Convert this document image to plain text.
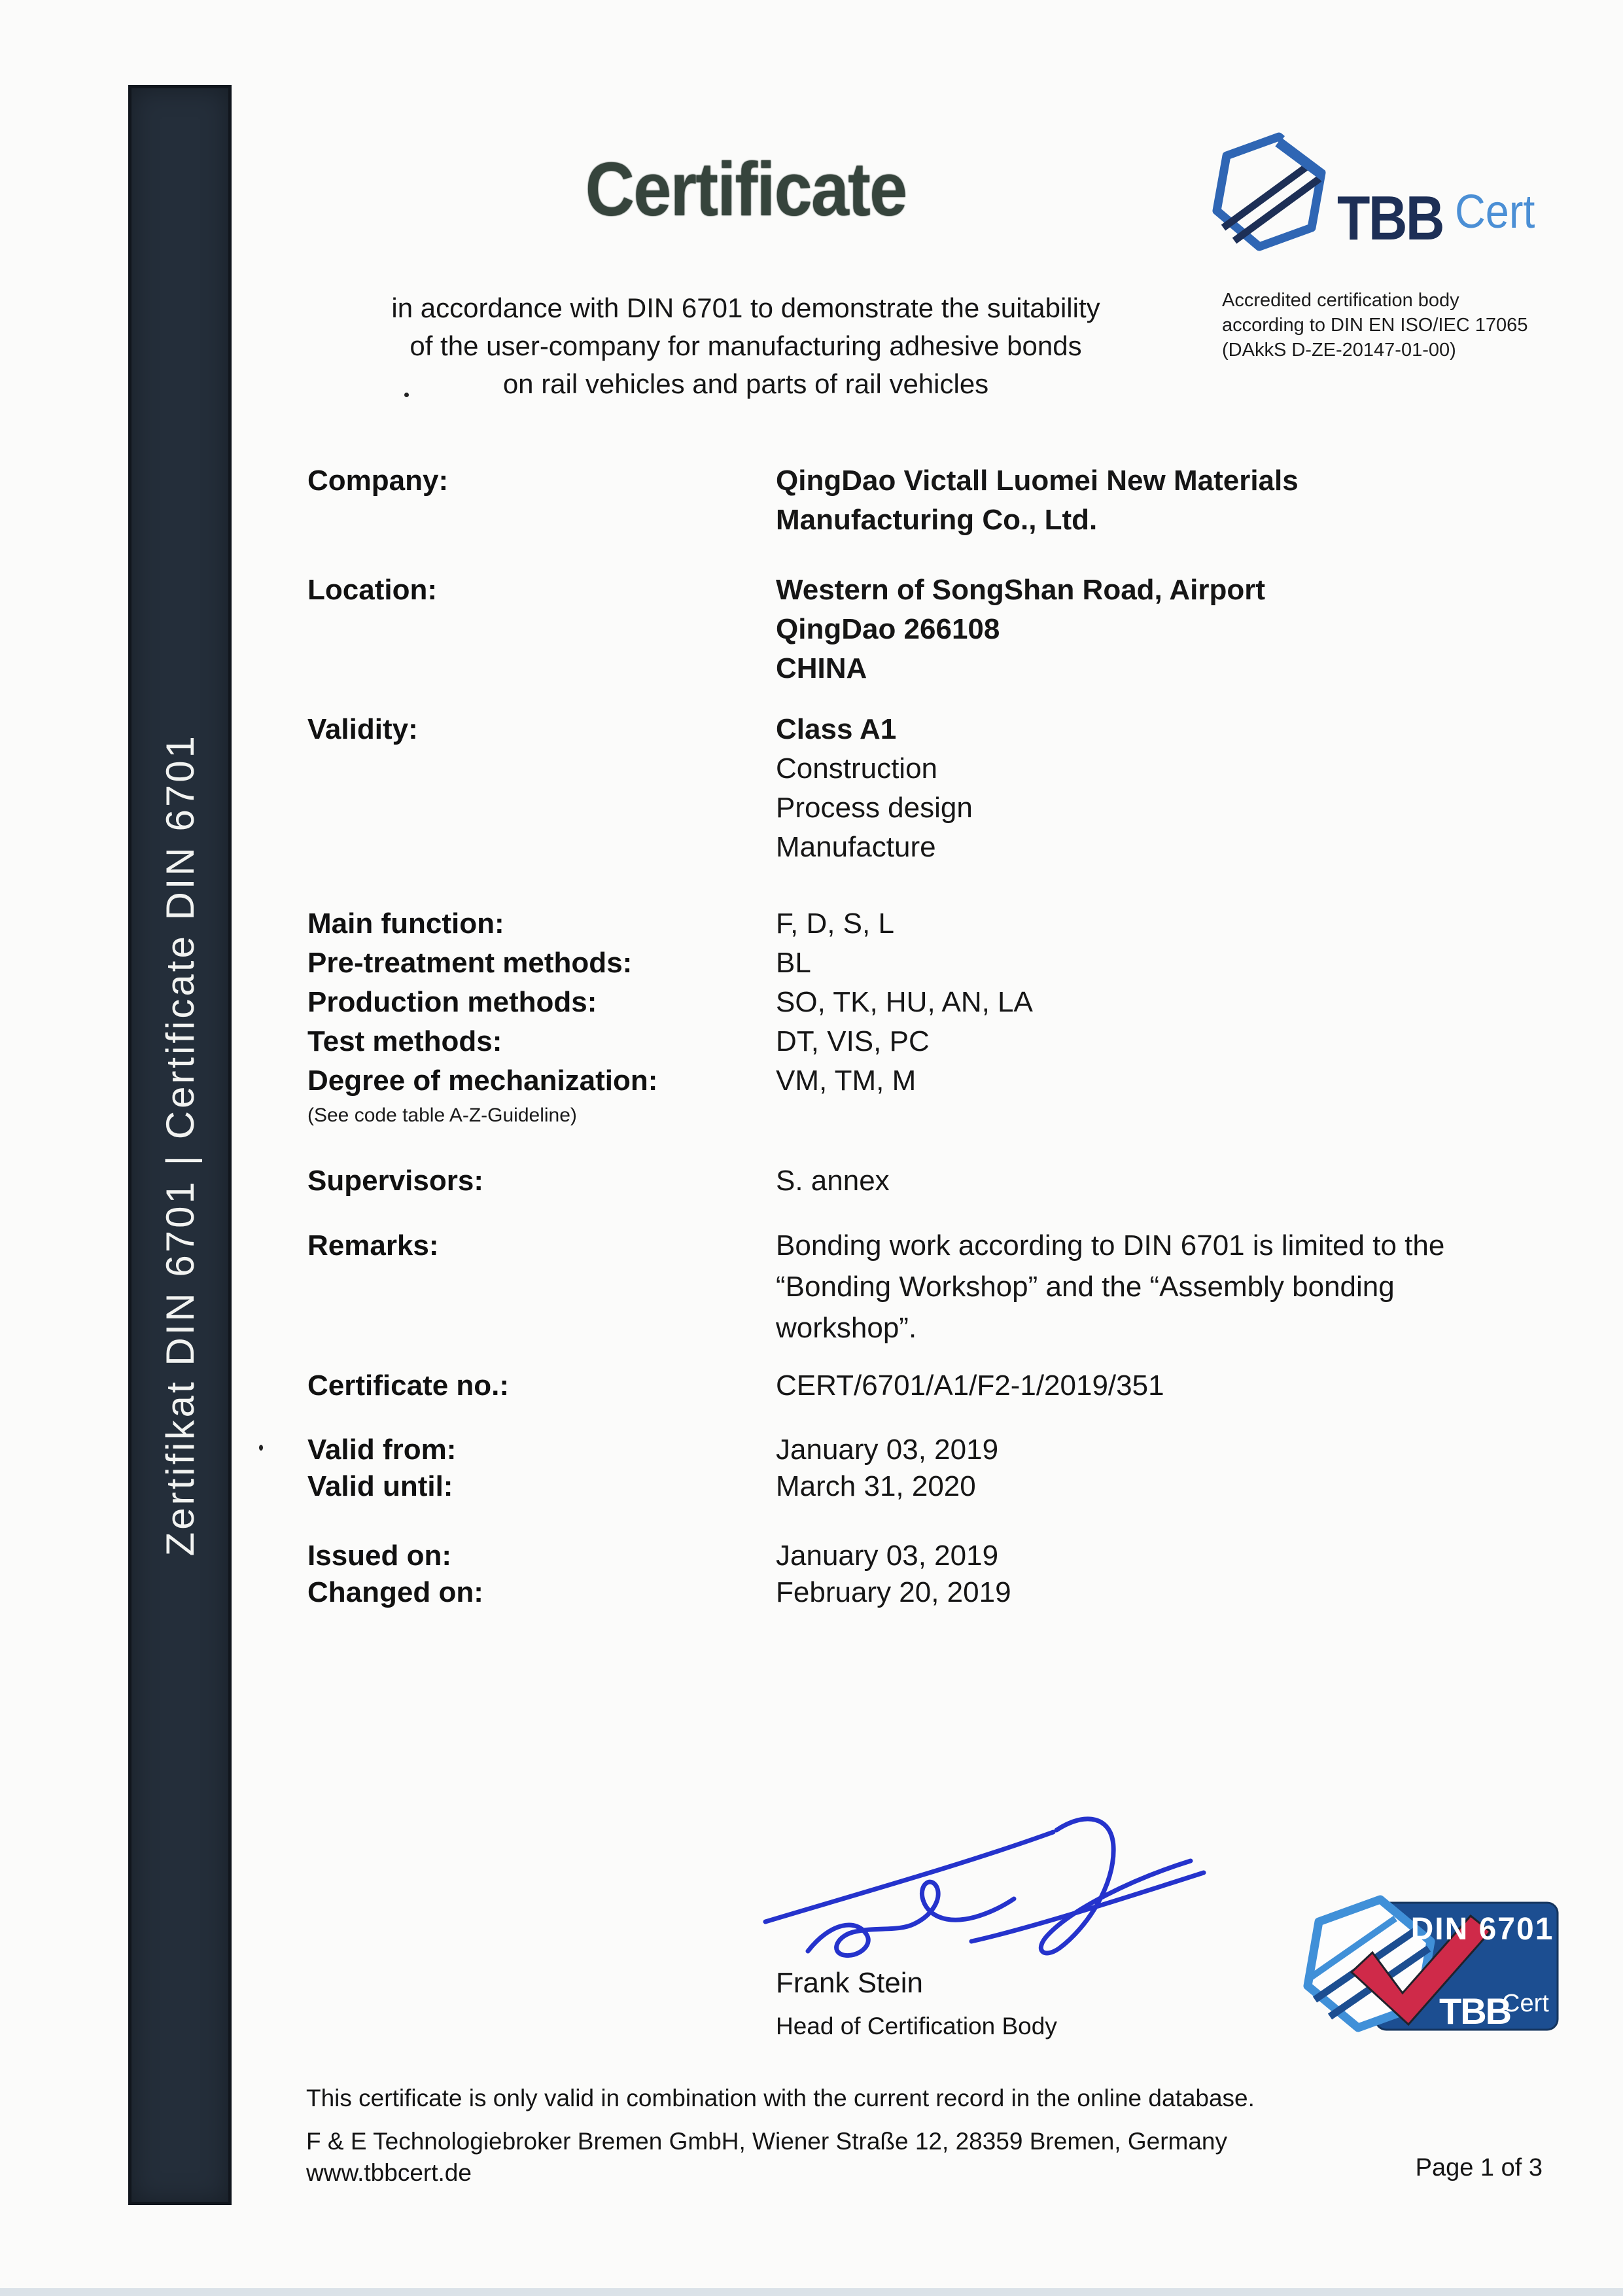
Zertifikat DIN 6701 | Certificate DIN 6701
Certificate
in accordance with DIN 6701 to demonstrate the suitability
of the user-company for manufacturing adhesive bonds
on rail vehicles and parts of rail vehicles
TBB Cert
Accredited certification body
according to DIN EN ISO/IEC 17065
(DAkkS D-ZE-20147-01-00)
Company:	QingDao Victall Luomei New Materials
Manufacturing Co., Ltd.
Location:	Western of SongShan Road, Airport
QingDao 266108
CHINA
Validity:	Class A1
Construction
Process design
Manufacture
Main function:	F, D, S, L
Pre-treatment methods:	BL
Production methods:	SO, TK, HU, AN, LA
Test methods:	DT, VIS, PC
Degree of mechanization:	VM, TM, M
(See code table A-Z-Guideline)
Supervisors:	S. annex
Remarks:	Bonding work according to DIN 6701 is limited to the
“Bonding Workshop” and the “Assembly bonding
workshop”.
Certificate no.:	CERT/6701/A1/F2-1/2019/351
Valid from:	January 03, 2019
Valid until:	March 31, 2020
Issued on:	January 03, 2019
Changed on:	February 20, 2019
Frank Stein
Head of Certification Body
DIN 6701
TBB
Cert
This certificate is only valid in combination with the current record in the online database.
F & E Technologiebroker Bremen GmbH, Wiener Straße 12, 28359 Bremen, Germany
www.tbbcert.de	Page 1 of 3
